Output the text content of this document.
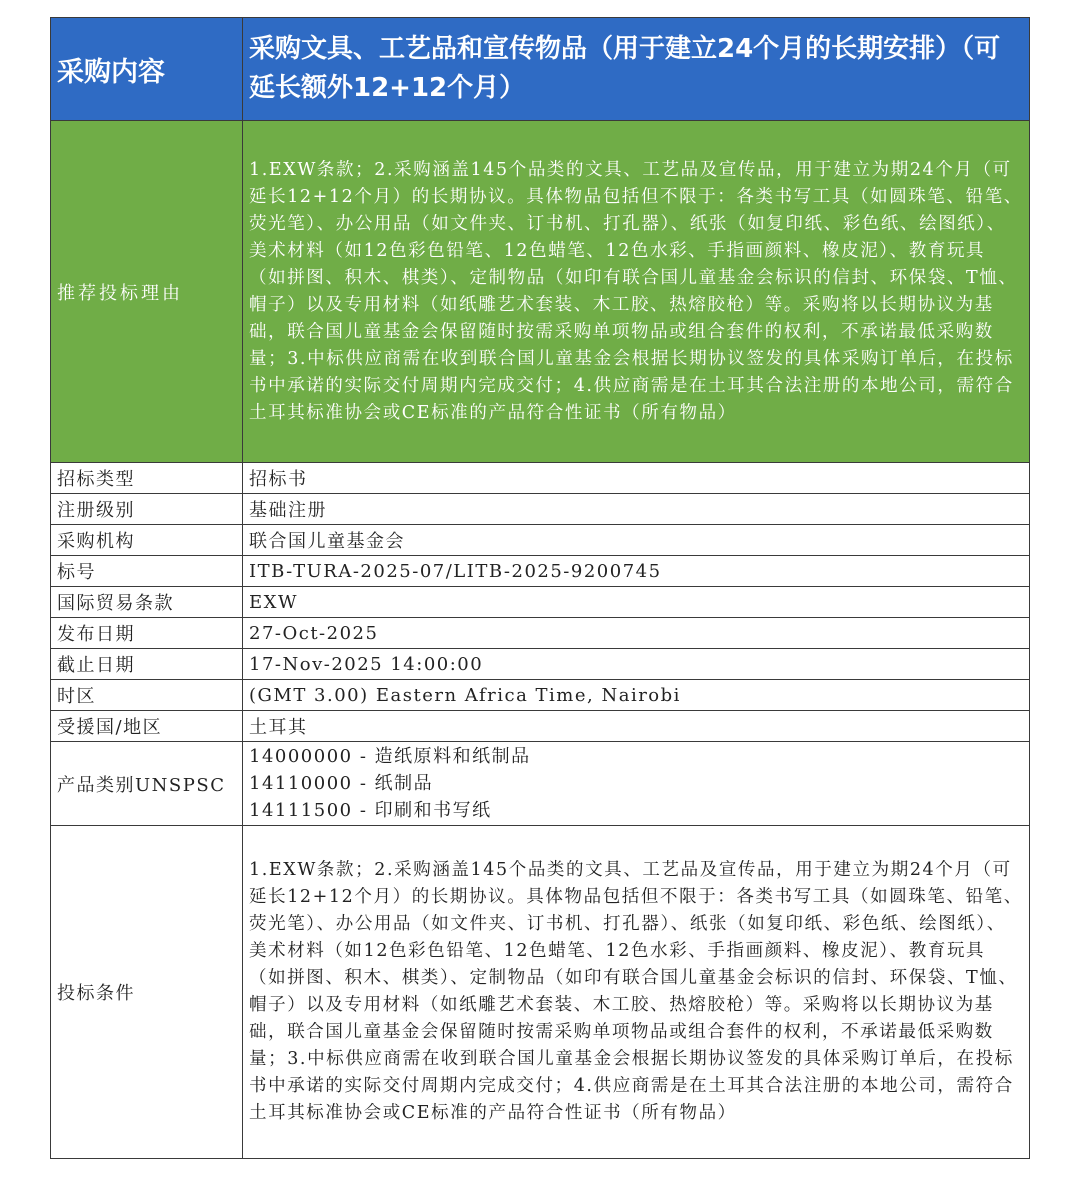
采购内容	采购文具、工艺品和宣传物品（用于建立24个月的长期安排）（可延长额外12+12个月）
推荐投标理由	1.EXW条款；2.采购涵盖145个品类的文具、工艺品及宣传品，用于建立为期24个月（可延长12+12个月）的长期协议。具体物品包括但不限于：各类书写工具（如圆珠笔、铅笔、荧光笔）、办公用品（如文件夹、订书机、打孔器）、纸张（如复印纸、彩色纸、绘图纸）、美术材料（如12色彩色铅笔、12色蜡笔、12色水彩、手指画颜料、橡皮泥）、教育玩具（如拼图、积木、棋类）、定制物品（如印有联合国儿童基金会标识的信封、环保袋、T恤、帽子）以及专用材料（如纸雕艺术套装、木工胶、热熔胶枪）等。采购将以长期协议为基础，联合国儿童基金会保留随时按需采购单项物品或组合套件的权利，不承诺最低采购数量；3.中标供应商需在收到联合国儿童基金会根据长期协议签发的具体采购订单后，在投标书中承诺的实际交付周期内完成交付；4.供应商需是在土耳其合法注册的本地公司，需符合土耳其标准协会或CE标准的产品符合性证书（所有物品）
招标类型	招标书
注册级别	基础注册
采购机构	联合国儿童基金会
标号	ITB-TURA-2025-07/LITB-2025-9200745
国际贸易条款	EXW
发布日期	27-Oct-2025
截止日期	17-Nov-2025 14:00:00
时区	(GMT 3.00) Eastern Africa Time, Nairobi
受援国/地区	土耳其
产品类别UNSPSC	14000000 - 造纸原料和纸制品
14110000 - 纸制品
14111500 - 印刷和书写纸

投标条件	1.EXW条款；2.采购涵盖145个品类的文具、工艺品及宣传品，用于建立为期24个月（可延长12+12个月）的长期协议。具体物品包括但不限于：各类书写工具（如圆珠笔、铅笔、荧光笔）、办公用品（如文件夹、订书机、打孔器）、纸张（如复印纸、彩色纸、绘图纸）、美术材料（如12色彩色铅笔、12色蜡笔、12色水彩、手指画颜料、橡皮泥）、教育玩具（如拼图、积木、棋类）、定制物品（如印有联合国儿童基金会标识的信封、环保袋、T恤、帽子）以及专用材料（如纸雕艺术套装、木工胶、热熔胶枪）等。采购将以长期协议为基础，联合国儿童基金会保留随时按需采购单项物品或组合套件的权利，不承诺最低采购数量；3.中标供应商需在收到联合国儿童基金会根据长期协议签发的具体采购订单后，在投标书中承诺的实际交付周期内完成交付；4.供应商需是在土耳其合法注册的本地公司，需符合土耳其标准协会或CE标准的产品符合性证书（所有物品）
